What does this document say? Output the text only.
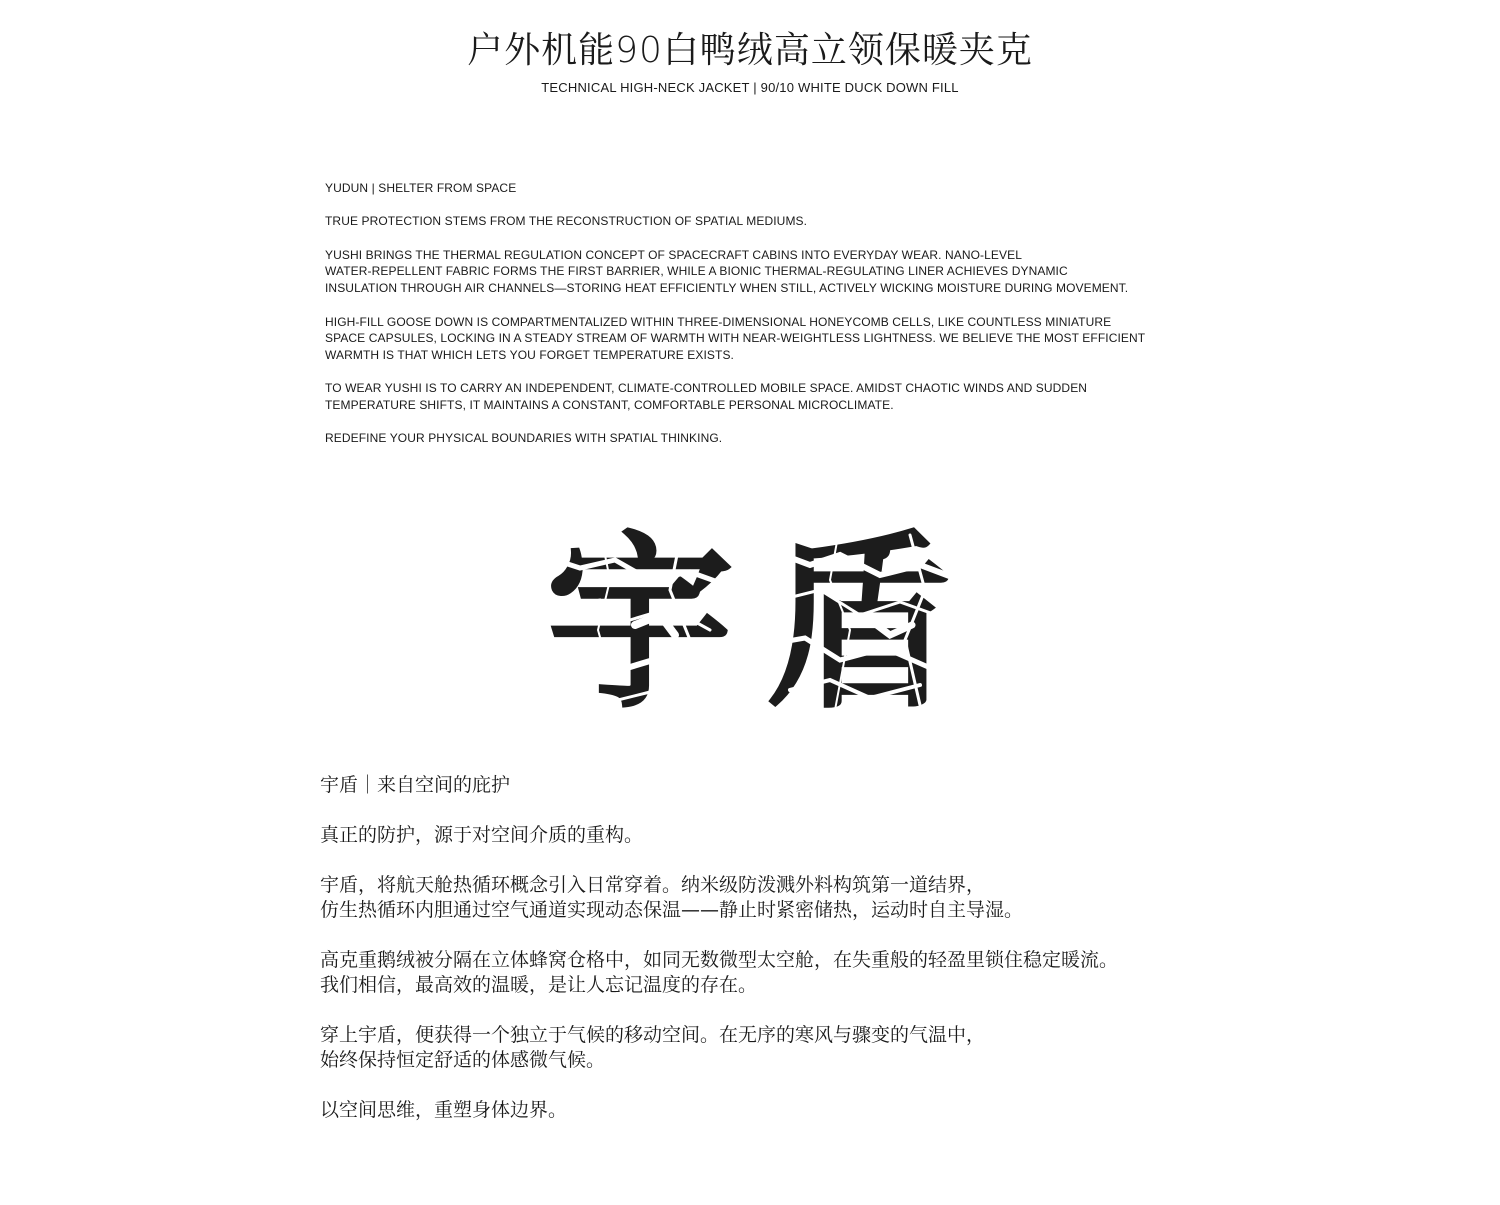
户外机能90白鸭绒高立领保暖夹克
TECHNICAL HIGH-NECK JACKET | 90/10 WHITE DUCK DOWN FILL

YUDUN | SHELTER FROM SPACE

TRUE PROTECTION STEMS FROM THE RECONSTRUCTION OF SPATIAL MEDIUMS.

YUSHI BRINGS THE THERMAL REGULATION CONCEPT OF SPACECRAFT CABINS INTO EVERYDAY WEAR. NANO-LEVEL
WATER-REPELLENT FABRIC FORMS THE FIRST BARRIER, WHILE A BIONIC THERMAL-REGULATING LINER ACHIEVES DYNAMIC
INSULATION THROUGH AIR CHANNELS—STORING HEAT EFFICIENTLY WHEN STILL, ACTIVELY WICKING MOISTURE DURING MOVEMENT.

HIGH-FILL GOOSE DOWN IS COMPARTMENTALIZED WITHIN THREE-DIMENSIONAL HONEYCOMB CELLS, LIKE COUNTLESS MINIATURE
SPACE CAPSULES, LOCKING IN A STEADY STREAM OF WARMTH WITH NEAR-WEIGHTLESS LIGHTNESS. WE BELIEVE THE MOST EFFICIENT
WARMTH IS THAT WHICH LETS YOU FORGET TEMPERATURE EXISTS.

TO WEAR YUSHI IS TO CARRY AN INDEPENDENT, CLIMATE-CONTROLLED MOBILE SPACE. AMIDST CHAOTIC WINDS AND SUDDEN
TEMPERATURE SHIFTS, IT MAINTAINS A CONSTANT, COMFORTABLE PERSONAL MICROCLIMATE.

REDEFINE YOUR PHYSICAL BOUNDARIES WITH SPATIAL THINKING.

宇盾｜来自空间的庇护

真正的防护，源于对空间介质的重构。

宇盾，将航天舱热循环概念引入日常穿着。纳米级防泼溅外料构筑第一道结界，
仿生热循环内胆通过空气通道实现动态保温——静止时紧密储热，运动时自主导湿。

高克重鹅绒被分隔在立体蜂窝仓格中，如同无数微型太空舱，在失重般的轻盈里锁住稳定暖流。
我们相信，最高效的温暖，是让人忘记温度的存在。

穿上宇盾，便获得一个独立于气候的移动空间。在无序的寒风与骤变的气温中，
始终保持恒定舒适的体感微气候。

以空间思维，重塑身体边界。
